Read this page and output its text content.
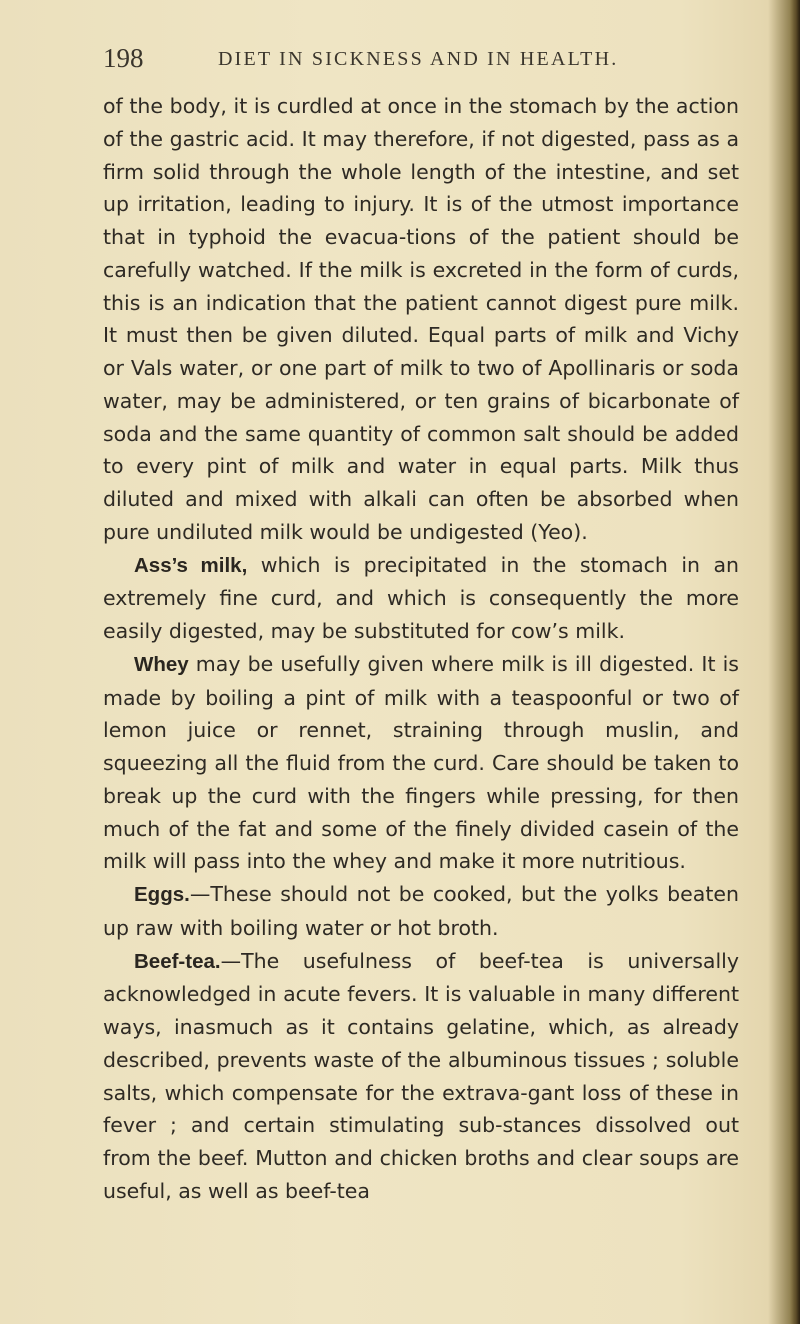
198	DIET IN SICKNESS AND IN HEALTH.

of the body, it is curdled at once in the stomach by the action of the gastric acid. It may therefore, if not digested, pass as a firm solid through the whole length of the intestine, and set up irritation, leading to injury. It is of the utmost importance that in typhoid the evacua-tions of the patient should be carefully watched. If the milk is excreted in the form of curds, this is an indication that the patient cannot digest pure milk. It must then be given diluted. Equal parts of milk and Vichy or Vals water, or one part of milk to two of Apollinaris or soda water, may be administered, or ten grains of bicarbonate of soda and the same quantity of common salt should be added to every pint of milk and water in equal parts. Milk thus diluted and mixed with alkali can often be absorbed when pure undiluted milk would be undigested (Yeo).

Ass’s milk, which is precipitated in the stomach in an extremely fine curd, and which is consequently the more easily digested, may be substituted for cow’s milk.

Whey may be usefully given where milk is ill digested. It is made by boiling a pint of milk with a teaspoonful or two of lemon juice or rennet, straining through muslin, and squeezing all the fluid from the curd. Care should be taken to break up the curd with the fingers while pressing, for then much of the fat and some of the finely divided casein of the milk will pass into the whey and make it more nutritious.

Eggs.—These should not be cooked, but the yolks beaten up raw with boiling water or hot broth.

Beef-tea.—The usefulness of beef-tea is universally acknowledged in acute fevers. It is valuable in many different ways, inasmuch as it contains gelatine, which, as already described, prevents waste of the albuminous tissues ; soluble salts, which compensate for the extrava-gant loss of these in fever ; and certain stimulating sub-stances dissolved out from the beef. Mutton and chicken broths and clear soups are useful, as well as beef-tea
